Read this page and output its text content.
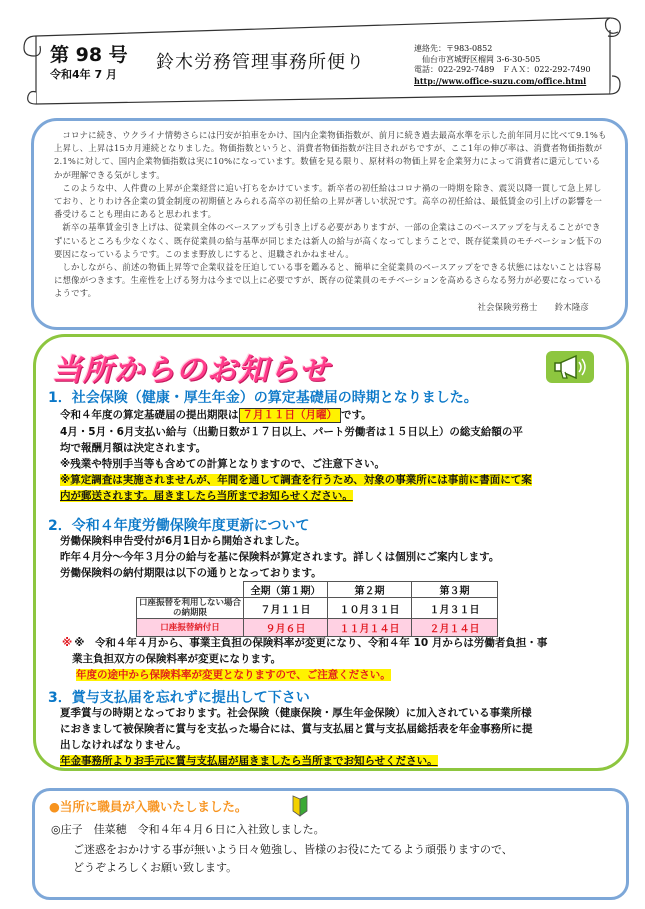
第 98 号
令和4年 7 月
鈴木労務管理事務所便り
連絡先：〒983-0852
　仙台市宮城野区榴岡 3-6-30-505
電話：022-292-7489　ＦＡＸ：022-292-7490
http://www.office-suzu.com/office.html

コロナに続き、ウクライナ情勢さらには円安が拍車をかけ、国内企業物価指数が、前月に続き過去最高水準を示した前年同月に比べて9.1%も上昇し、上昇は15カ月連続となりました。物価指数というと、消費者物価指数が注目されがちですが、ここ1年の伸び率は、消費者物価指数が2.1%に対して、国内企業物価指数は実に10%になっています。数値を見る限り、原材料の物価上昇を企業努力によって消費者に還元しているかが理解できる気がします。

このような中、人件費の上昇が企業経営に追い打ちをかけています。新卒者の初任給はコロナ禍の一時期を除き、震災以降一貫して急上昇しており、とりわけ各企業の賃金制度の初期値とみられる高卒の初任給の上昇が著しい状況です。高卒の初任給は、最低賃金の引上げの影響を一番受けることも理由にあると思われます。

新卒の基準賃金引き上げは、従業員全体のベースアップも引き上げる必要がありますが、一部の企業はこのベースアップを与えることができずにいるところも少なくなく、既存従業員の給与基準が同じまたは新人の給与が高くなってしまうことで、既存従業員のモチベーション低下の要因になっているようです。このまま野放しにすると、退職されかねません。

しかしながら、前述の物価上昇等で企業収益を圧迫している事を鑑みると、簡単に全従業員のベースアップをできる状態にはないことは容易に想像がつきます。生産性を上げる努力は今まで以上に必要ですが、既存の従業員のモチベーションを高めるさらなる努力が必要になっているようです。

社会保険労務士　　鈴木隆彦

当所からのお知らせ
1．社会保険（健康・厚生年金）の算定基礎届の時期となりました。
令和４年度の算定基礎届の提出期限は ７月１１日（月曜） です。
4月・5月・6月支払い給与（出勤日数が１７日以上、パート労働者は１５日以上）の総支給額の平
均で報酬月額は決定されます。
※残業や特別手当等も含めての計算となりますので、ご注意下さい。
※算定調査は実施されませんが、年間を通して調査を行うため、対象の事業所には事前に書面にて案
内が郵送されます。届きましたら当所までお知らせください。
2．令和４年度労働保険年度更新について
労働保険料申告受付が6月1日から開始されました。
昨年４月分～今年３月分の給与を基に保険料が算定されます。詳しくは個別にご案内します。
労働保険料の納付期限は以下の通りとなっております。
	全期（第１期）	第２期	第３期
口座振替を利用しない場合の納期限	７月１１日	１０月３１日	１月３１日
口座振替納付日	９月６日	１１月１４日	２月１４日
※ ※　令和４年４月から、事業主負担の保険料率が変更になり、令和４年 10 月からは労働者負担・事
業主負担双方の保険料率が変更になります。
年度の途中から保険料率が変更となりますので、ご注意ください。
3．賞与支払届を忘れずに提出して下さい
夏季賞与の時期となっております。社会保険（健康保険・厚生年金保険）に加入されている事業所様
におきまして被保険者に賞与を支払った場合には、賞与支払届と賞与支払届総括表を年金事務所に提
出しなければなりません。
年金事務所よりお手元に賞与支払届が届きましたら当所までお知らせください。
●当所に職員が入職いたしました。
◎庄子　佳菜穂　令和４年４月６日に入社致しました。
ご迷惑をおかけする事が無いよう日々勉強し、皆様のお役にたてるよう頑張りますので、
どうぞよろしくお願い致します。
